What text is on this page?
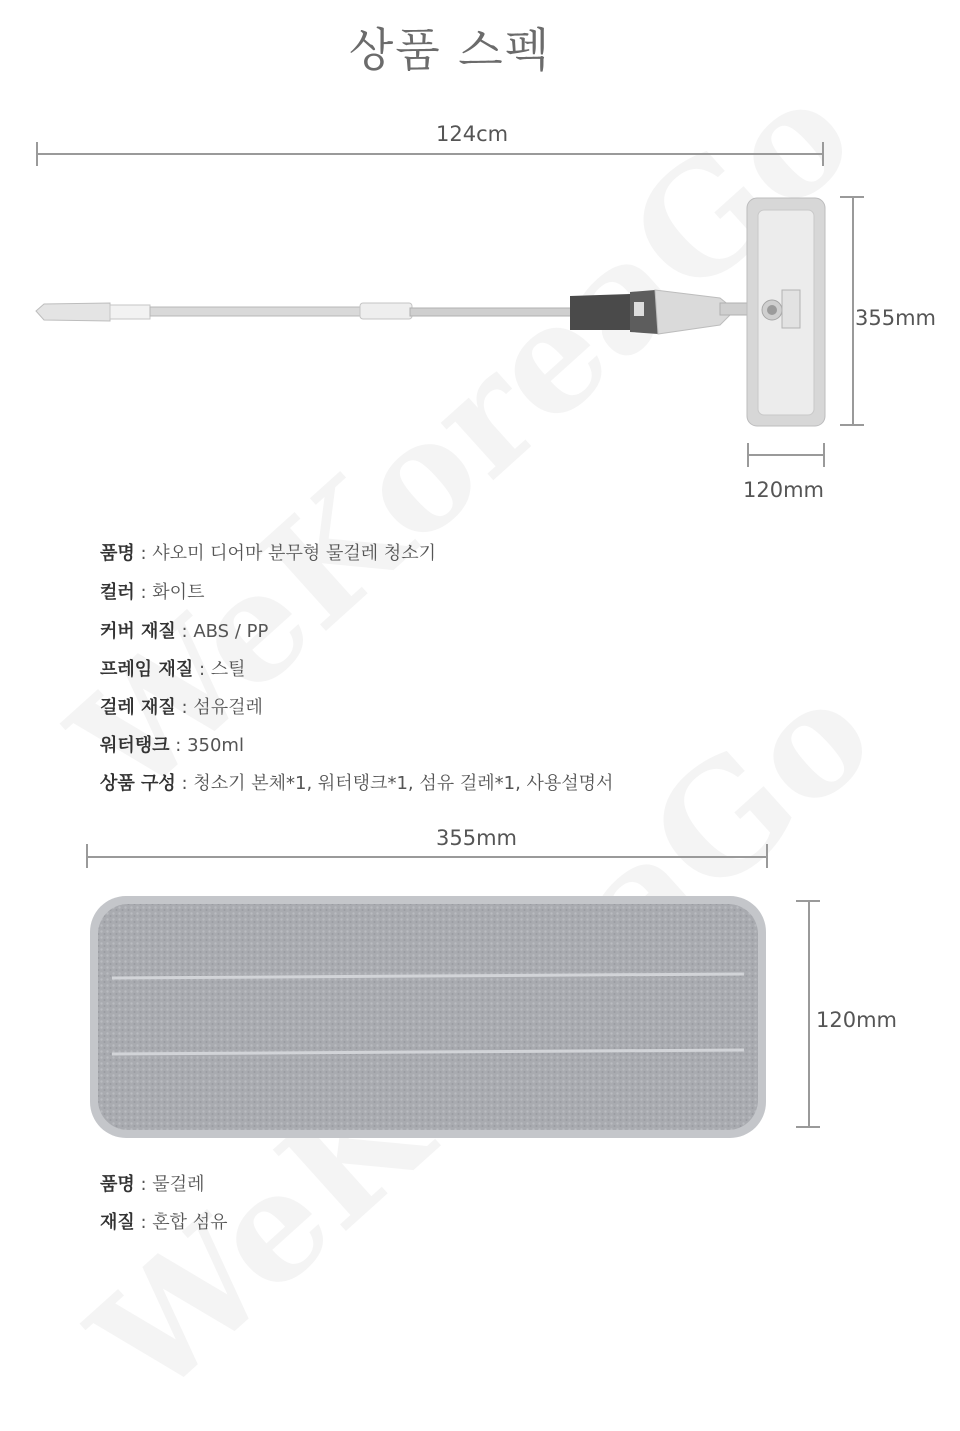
상품 스펙
124cm
355mm
120mm
품명 : 샤오미 디어마 분무형 물걸레 청소기
컬러 : 화이트
커버 재질 : ABS / PP
프레임 재질 : 스틸
걸레 재질 : 섬유걸레
워터탱크 : 350ml
상품 구성 : 청소기 본체*1, 워터탱크*1, 섬유 걸레*1, 사용설명서
355mm
120mm
품명 : 물걸레
재질 : 혼합 섬유
